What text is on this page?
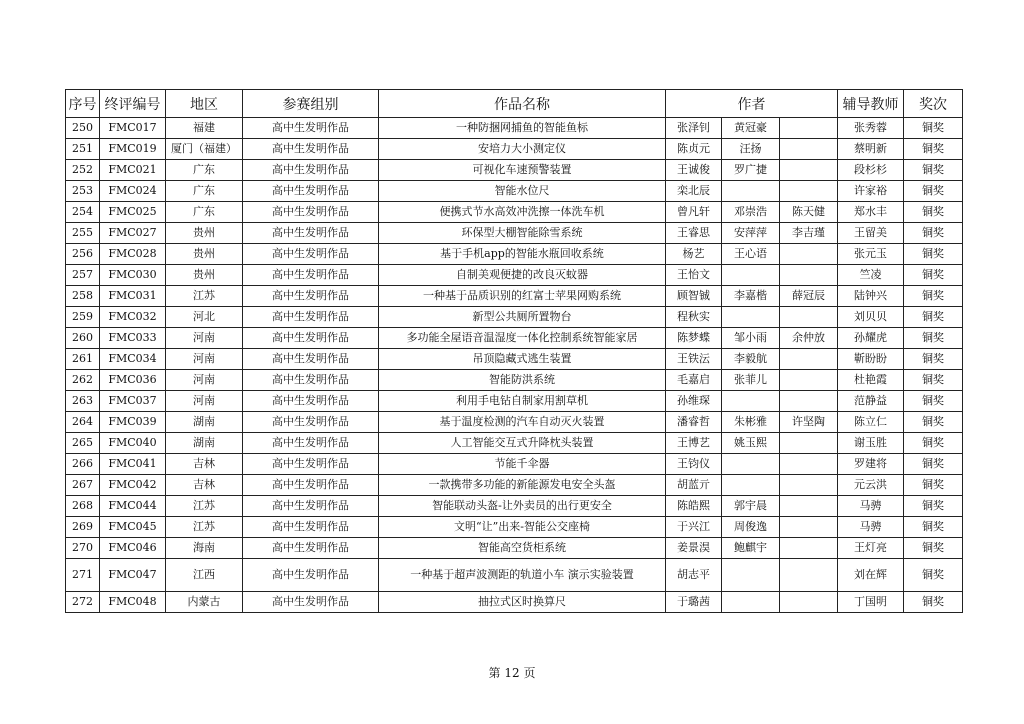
序号	终评编号	地区	参赛组别	作品名称	作者			辅导教师	奖次
250	FMC017	福建	高中生发明作品	一种防捆网捕鱼的智能鱼标	张泽钊	黄冠豪		张秀蓉	铜奖
251	FMC019	厦门（福建）	高中生发明作品	安培力大小测定仪	陈贞元	汪扬		蔡明新	铜奖
252	FMC021	广东	高中生发明作品	可视化车速预警装置	王诚俊	罗广捷		段杉杉	铜奖
253	FMC024	广东	高中生发明作品	智能水位尺	栾北辰			许家裕	铜奖
254	FMC025	广东	高中生发明作品	便携式节水高效冲洗擦一体洗车机	曾凡轩	邓崇浩	陈天健	郑水丰	铜奖
255	FMC027	贵州	高中生发明作品	环保型大棚智能除雪系统	王睿思	安萍萍	李吉瑾	王留美	铜奖
256	FMC028	贵州	高中生发明作品	基于手机app的智能水瓶回收系统	杨艺	王心语		张元玉	铜奖
257	FMC030	贵州	高中生发明作品	自制美观便捷的改良灭蚊器	王怡文			竺凌	铜奖
258	FMC031	江苏	高中生发明作品	一种基于品质识别的红富士苹果网购系统	顾智铖	李嘉楷	薛冠辰	陆钟兴	铜奖
259	FMC032	河北	高中生发明作品	新型公共厕所置物台	程秋实			刘贝贝	铜奖
260	FMC033	河南	高中生发明作品	多功能全屋语音温湿度一体化控制系统智能家居	陈梦蝶	邹小雨	余仲放	孙耀虎	铜奖
261	FMC034	河南	高中生发明作品	吊顶隐藏式逃生装置	王铁沄	李毅航		靳盼盼	铜奖
262	FMC036	河南	高中生发明作品	智能防洪系统	毛嘉启	张菲儿		杜艳霞	铜奖
263	FMC037	河南	高中生发明作品	利用手电钻自制家用割草机	孙维琛			范静益	铜奖
264	FMC039	湖南	高中生发明作品	基于温度检测的汽车自动灭火装置	潘睿哲	朱彬雅	许坚陶	陈立仁	铜奖
265	FMC040	湖南	高中生发明作品	人工智能交互式升降枕头装置	王博艺	姚玉熙		谢玉胜	铜奖
266	FMC041	吉林	高中生发明作品	节能千伞器	王钧仪			罗建将	铜奖
267	FMC042	吉林	高中生发明作品	一款携带多功能的新能源发电安全头盔	胡蓝亓			元云洪	铜奖
268	FMC044	江苏	高中生发明作品	智能联动头盔-让外卖员的出行更安全	陈皓熙	郭宇晨		马骋	铜奖
269	FMC045	江苏	高中生发明作品	文明“让”出来-智能公交座椅	于兴江	周俊逸		马骋	铜奖
270	FMC046	海南	高中生发明作品	智能高空货柜系统	姜景淏	鲍麒宇		王灯亮	铜奖
271	FMC047	江西	高中生发明作品	一种基于超声波测距的轨道小车 演示实验装置	胡志平			刘在辉	铜奖
272	FMC048	内蒙古	高中生发明作品	抽拉式区时换算尺	于璐茜			丁国明	铜奖
第 12 页
